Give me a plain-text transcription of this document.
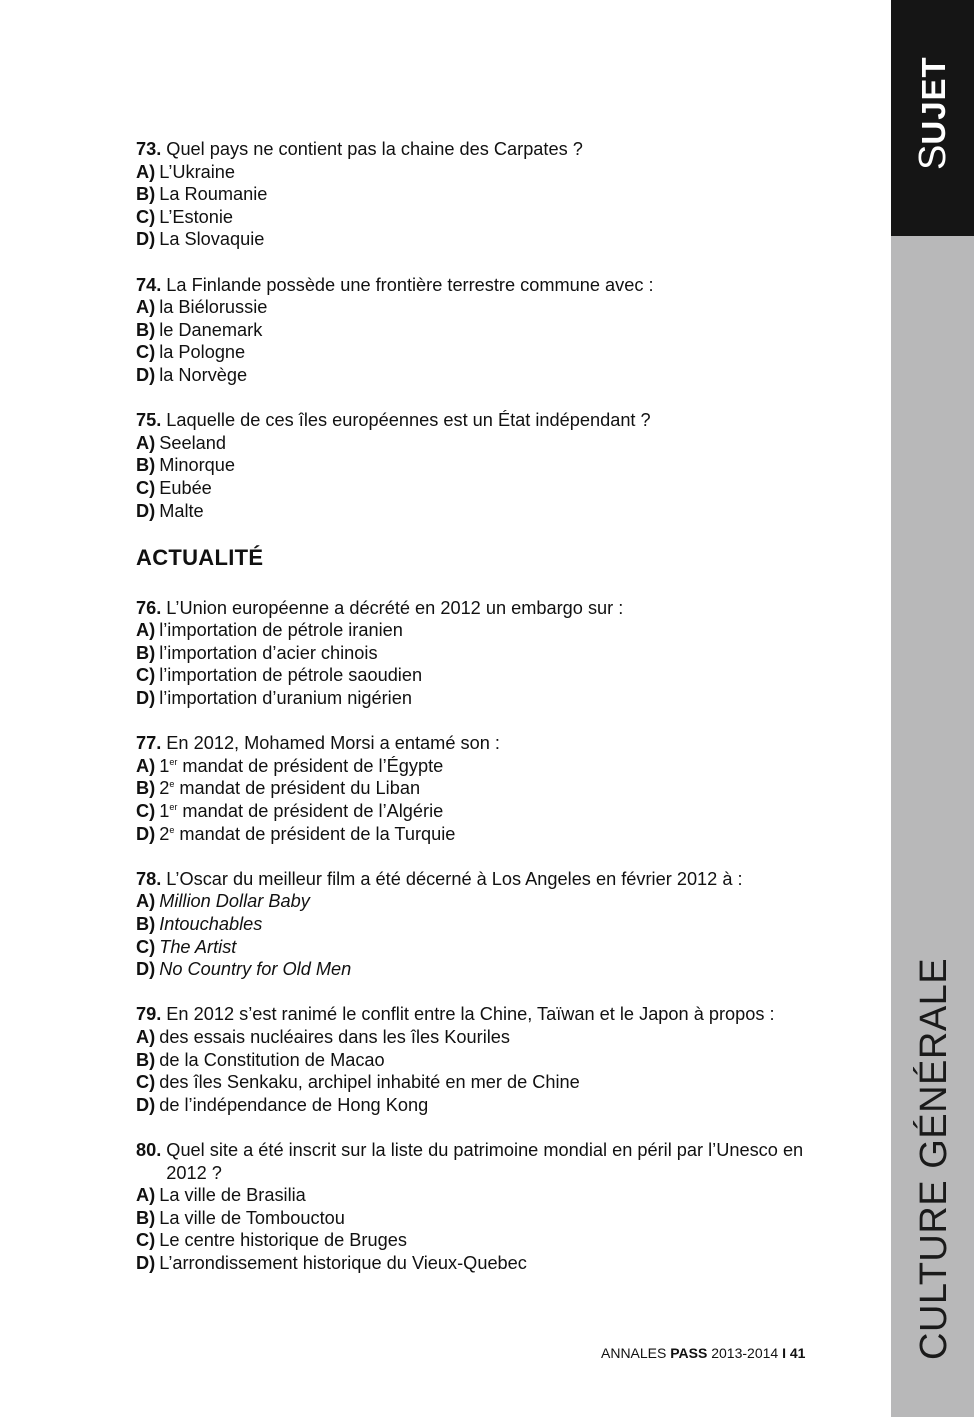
SUJET
CULTURE GÉNÉRALE
73. Quel pays ne contient pas la chaine des Carpates ?
A) L’Ukraine
B) La Roumanie
C) L’Estonie
D) La Slovaquie
74. La Finlande possède une frontière terrestre commune avec :
A) la Biélorussie
B) le Danemark
C) la Pologne
D) la Norvège
75. Laquelle de ces îles européennes est un État indépendant ?
A) Seeland
B) Minorque
C) Eubée
D) Malte
ACTUALITÉ
76. L’Union européenne a décrété en 2012 un embargo sur :
A) l’importation de pétrole iranien
B) l’importation d’acier chinois
C) l’importation de pétrole saoudien
D) l’importation d’uranium nigérien
77. En 2012, Mohamed Morsi a entamé son :
A) 1er mandat de président de l’Égypte
B) 2e mandat de président du Liban
C) 1er mandat de président de l’Algérie
D) 2e mandat de président de la Turquie
78. L’Oscar du meilleur film a été décerné à Los Angeles en février 2012 à :
A) Million Dollar Baby
B) Intouchables
C) The Artist
D) No Country for Old Men
79. En 2012 s’est ranimé le conflit entre la Chine, Taïwan et le Japon à propos :
A) des essais nucléaires dans les îles Kouriles
B) de la Constitution de Macao
C) des îles Senkaku, archipel inhabité en mer de Chine
D) de l’indépendance de Hong Kong
80. Quel site a été inscrit sur la liste du patrimoine mondial en péril par l’Unesco en 2012 ?
A) La ville de Brasilia
B) La ville de Tombouctou
C) Le centre historique de Bruges
D) L’arrondissement historique du Vieux-Quebec
ANNALES PASS 2013-2014 I 41
